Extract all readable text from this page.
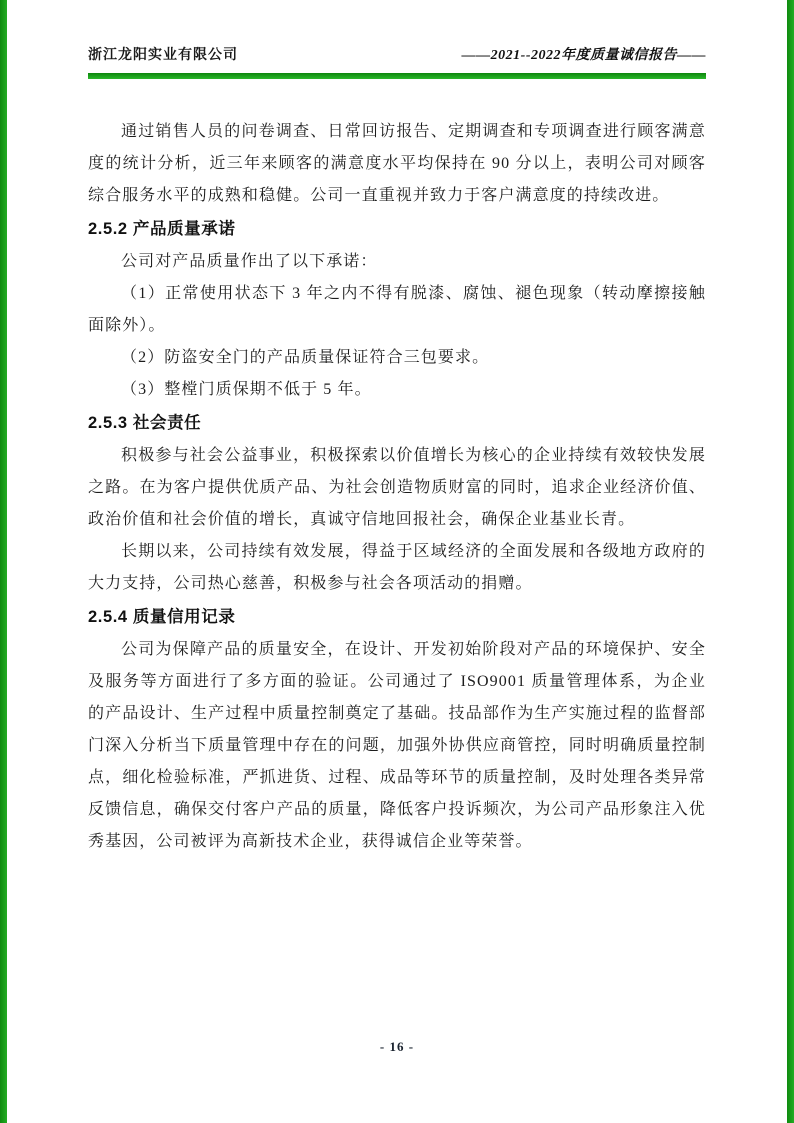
浙江龙阳实业有限公司	——2021--2022年度质量诚信报告——

通过销售人员的问卷调查、日常回访报告、定期调查和专项调查进行顾客满意度的统计分析，近三年来顾客的满意度水平均保持在 90 分以上，表明公司对顾客综合服务水平的成熟和稳健。公司一直重视并致力于客户满意度的持续改进。

2.5.2 产品质量承诺

公司对产品质量作出了以下承诺：

（1）正常使用状态下 3 年之内不得有脱漆、腐蚀、褪色现象（转动摩擦接触面除外）。

（2）防盗安全门的产品质量保证符合三包要求。

（3）整樘门质保期不低于 5 年。

2.5.3 社会责任

积极参与社会公益事业，积极探索以价值增长为核心的企业持续有效较快发展之路。在为客户提供优质产品、为社会创造物质财富的同时，追求企业经济价值、政治价值和社会价值的增长，真诚守信地回报社会，确保企业基业长青。

长期以来，公司持续有效发展，得益于区域经济的全面发展和各级地方政府的大力支持，公司热心慈善，积极参与社会各项活动的捐赠。

2.5.4 质量信用记录

公司为保障产品的质量安全，在设计、开发初始阶段对产品的环境保护、安全及服务等方面进行了多方面的验证。公司通过了 ISO9001 质量管理体系，为企业的产品设计、生产过程中质量控制奠定了基础。技品部作为生产实施过程的监督部门深入分析当下质量管理中存在的问题，加强外协供应商管控，同时明确质量控制点，细化检验标准，严抓进货、过程、成品等环节的质量控制，及时处理各类异常反馈信息，确保交付客户产品的质量，降低客户投诉频次，为公司产品形象注入优秀基因，公司被评为高新技术企业，获得诚信企业等荣誉。

- 16 -
